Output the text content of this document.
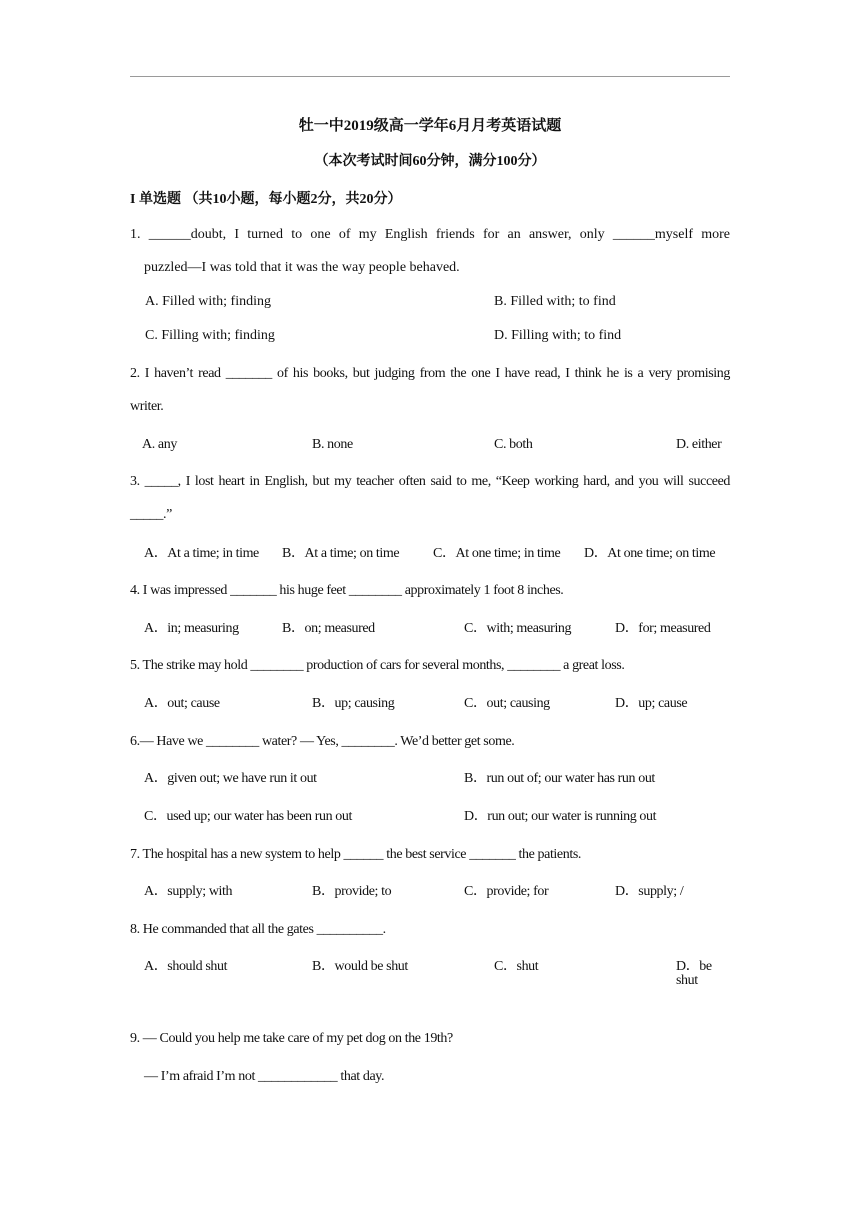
牡一中2019级高一学年6月月考英语试题
（本次考试时间60分钟，满分100分）
I 单选题 （共10小题，每小题2分，共20分）
1. ______doubt, I turned to one of my English friends for an answer, only ______myself more
puzzled—I was told that it was the way people behaved.
A. Filled with; finding	B. Filled with; to find
C. Filling with; finding	D. Filling with; to find
2. I haven’t read _______ of his books, but judging from the one I have read, I think he is a very promising
writer.
A. any	B. none	C. both	D. either
3. _____, I lost heart in English, but my teacher often said to me, “Keep working hard, and you will succeed
_____.”
A．At a time; in time B．At a time; on time C．At one time; in time D．At one time; on time
4. I was impressed _______ his huge feet ________ approximately 1 foot 8 inches.
A．in; measuring	B．on; measured	C．with; measuring	D．for; measured
5. The strike may hold ________ production of cars for several months, ________ a great loss.
A．out; cause	B．up; causing	C．out; causing	D．up; cause
6.— Have we ________ water? — Yes, ________. We’d better get some.
A．given out; we have run it out	B．run out of; our water has run out
C．used up; our water has been run out	D．run out; our water is running out
7. The hospital has a new system to help ______ the best service _______ the patients.
A．supply; with	B．provide; to	C．provide; for	D．supply; /
8. He commanded that all the gates __________.
A．should shut	B．would be shut	C．shut	D．be shut
9. — Could you help me take care of my pet dog on the 19th?
— I’m afraid I’m not ____________ that day.
